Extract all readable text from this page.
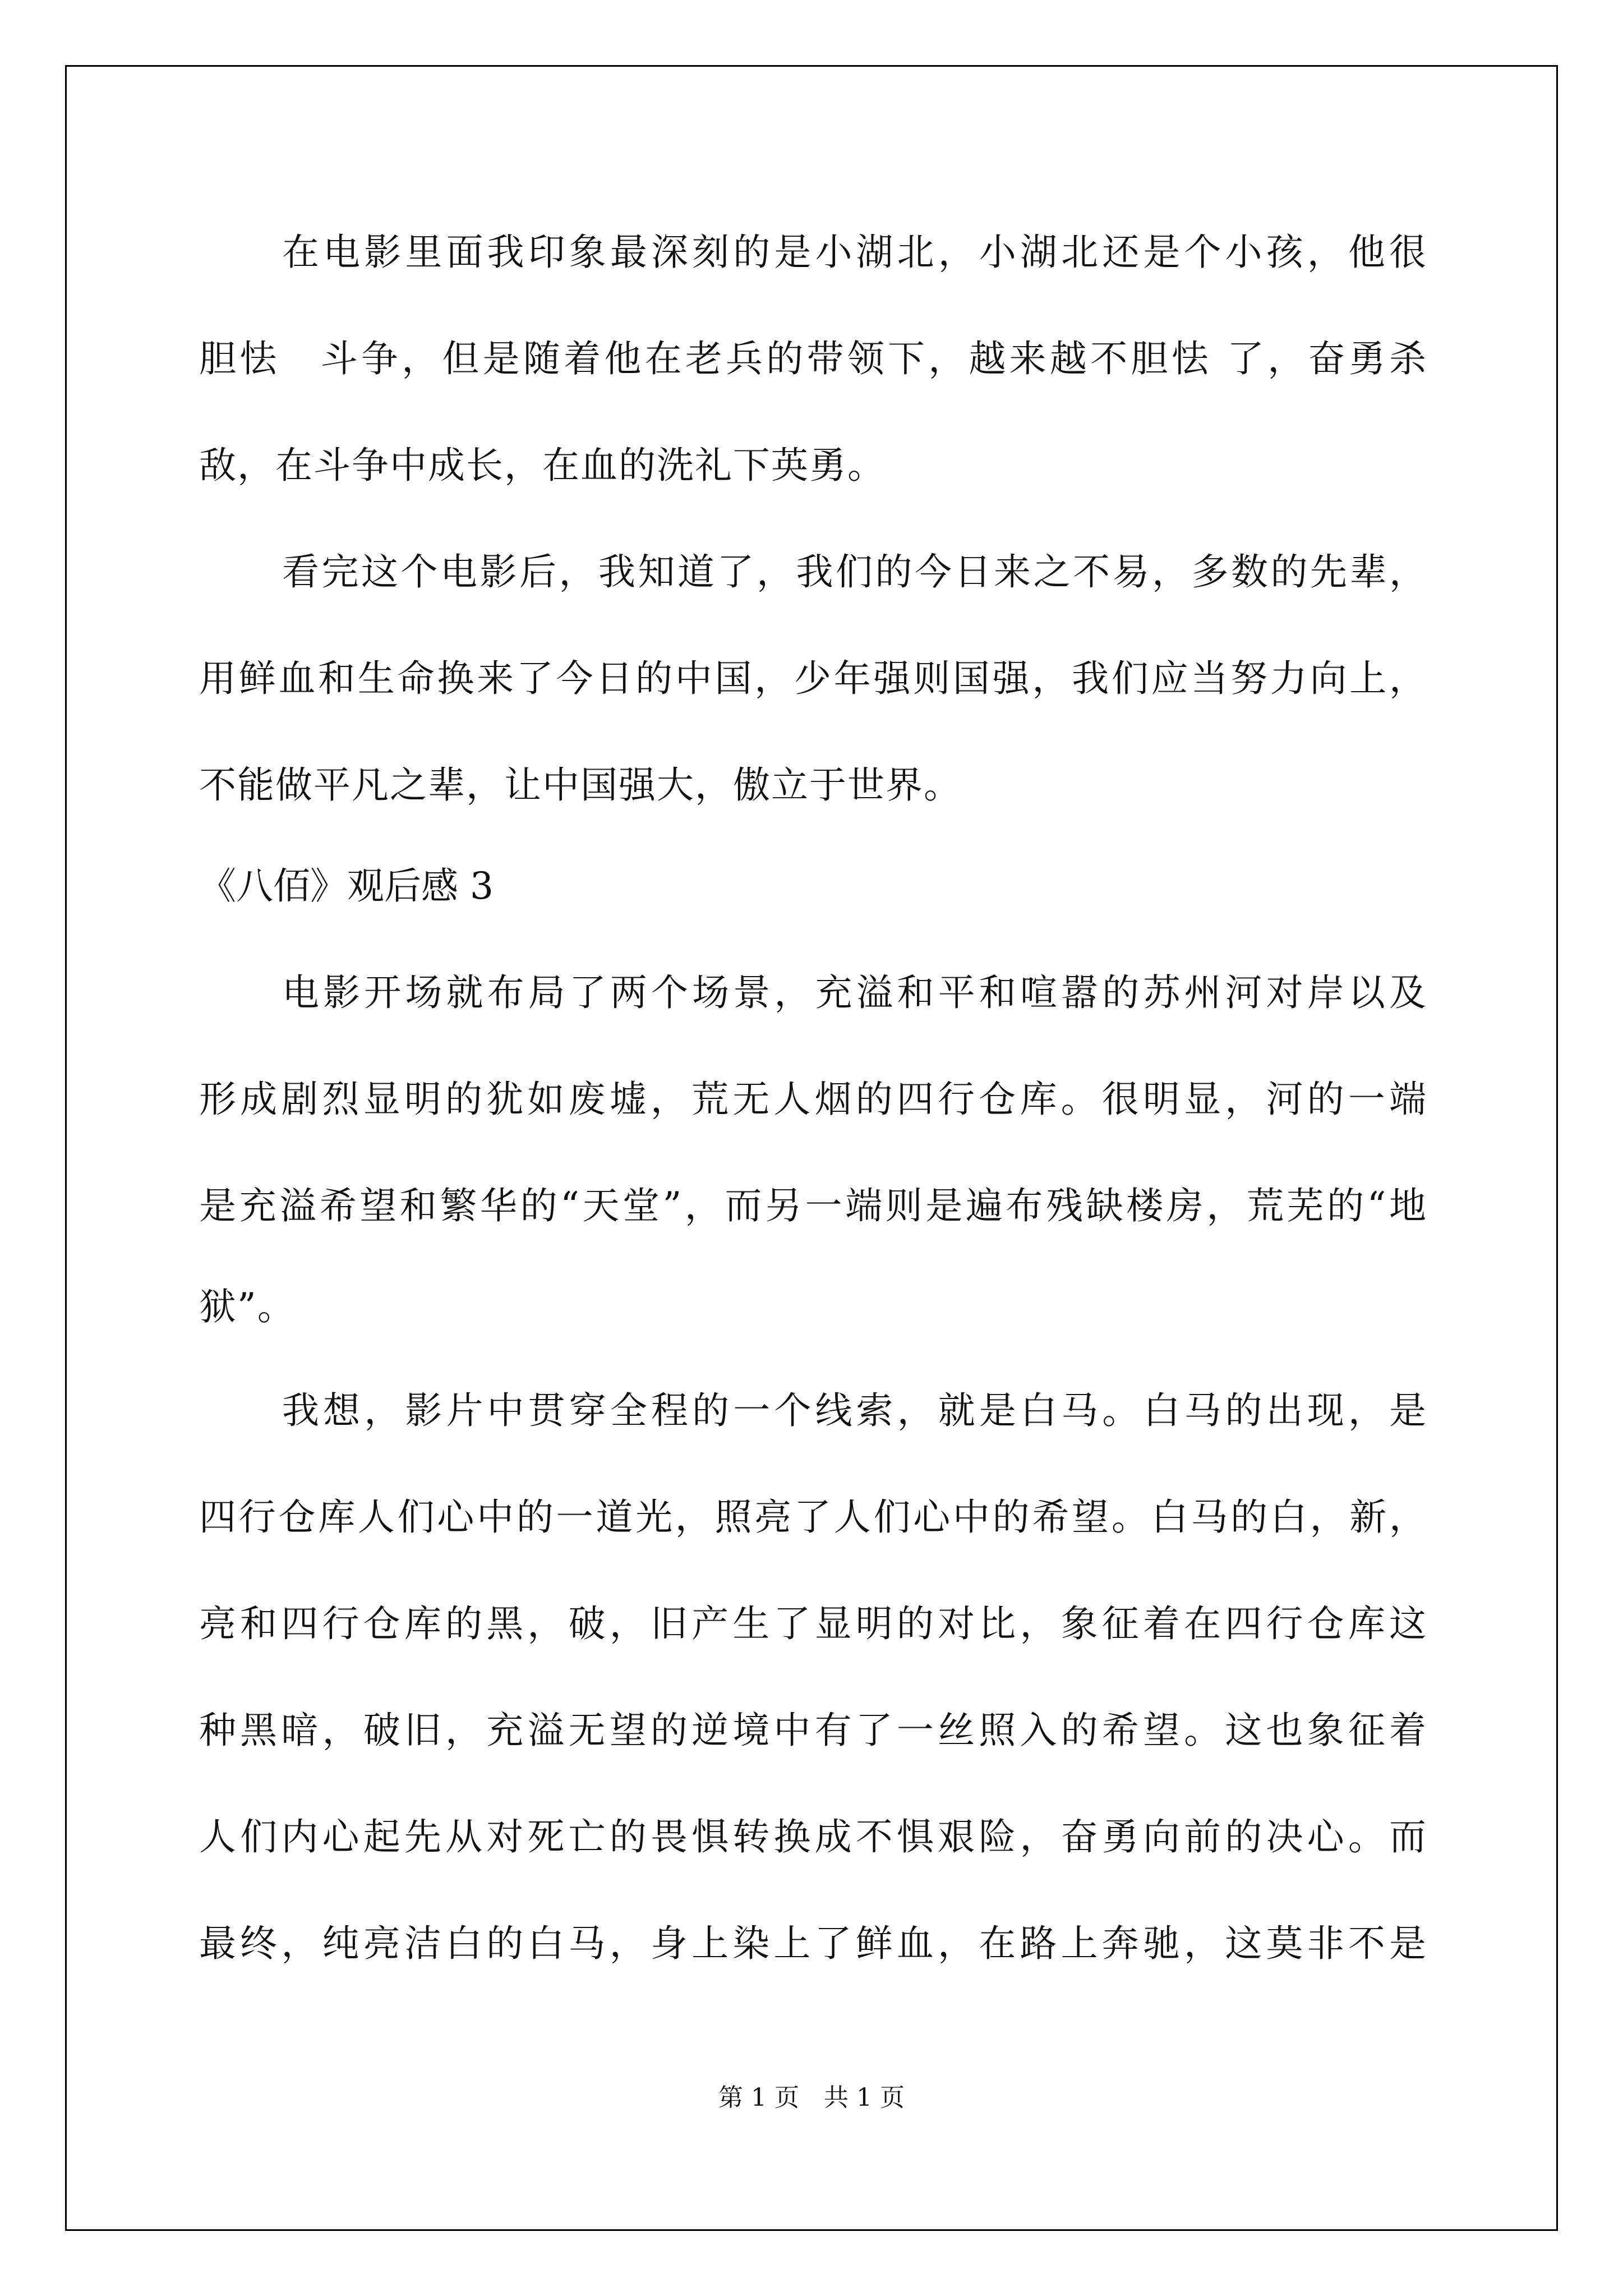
在电影里面我印象最深刻的是小湖北，小湖北还是个小孩，他很
胆怯　斗争，但是随着他在老兵的带领下，越来越不胆怯 了，奋勇杀
敌，在斗争中成长，在血的洗礼下英勇。
看完这个电影后，我知道了，我们的今日来之不易，多数的先辈，
用鲜血和生命换来了今日的中国，少年强则国强，我们应当努力向上，
不能做平凡之辈，让中国强大，傲立于世界。
《八佰》观后感 3
电影开场就布局了两个场景，充溢和平和喧嚣的苏州河对岸以及
形成剧烈显明的犹如废墟，荒无人烟的四行仓库。很明显，河的一端
是充溢希望和繁华的“天堂”，而另一端则是遍布残缺楼房，荒芜的“地
狱”。
我想，影片中贯穿全程的一个线索，就是白马。白马的出现，是
四行仓库人们心中的一道光，照亮了人们心中的希望。白马的白，新，
亮和四行仓库的黑，破，旧产生了显明的对比，象征着在四行仓库这
种黑暗，破旧，充溢无望的逆境中有了一丝照入的希望。这也象征着
人们内心起先从对死亡的畏惧转换成不惧艰险，奋勇向前的决心。而
最终，纯亮洁白的白马，身上染上了鲜血，在路上奔驰，这莫非不是
第 1 页　共 1 页
